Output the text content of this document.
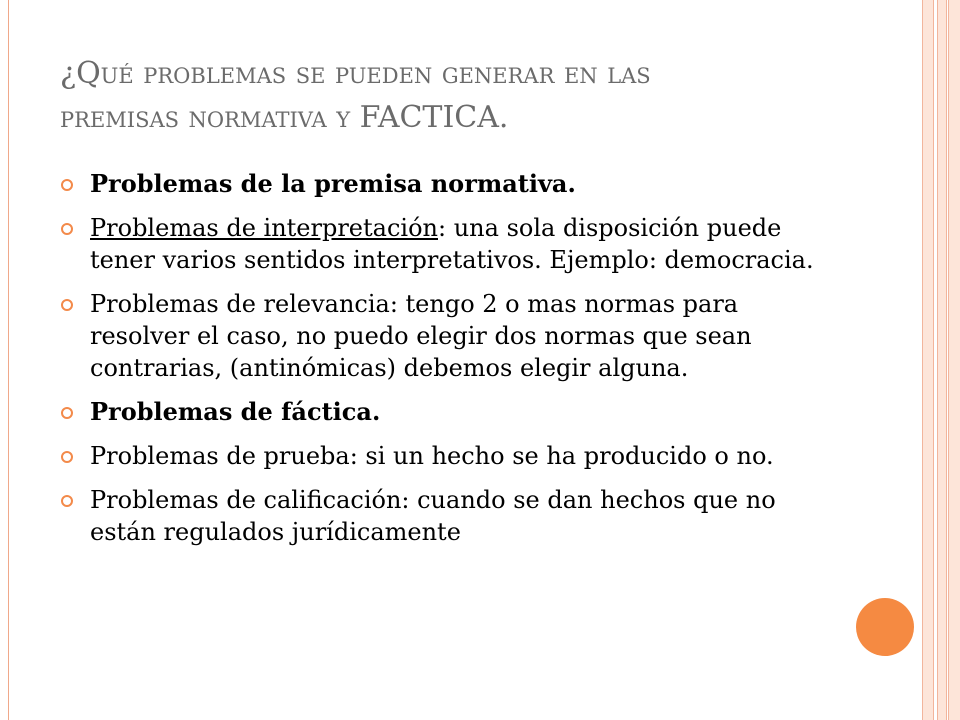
¿Qué problemas se pueden generar en las
premisas normativa y FACTICA.
Problemas de la premisa normativa.
Problemas de interpretación: una sola disposición puede tener varios sentidos interpretativos. Ejemplo: democracia.
Problemas de relevancia: tengo 2 o mas normas para resolver el caso, no puedo elegir dos normas que sean contrarias, (antinómicas) debemos elegir alguna.
Problemas de fáctica.
Problemas de prueba: si un hecho se ha producido o no.
Problemas de calificación: cuando se dan hechos que no están regulados jurídicamente
